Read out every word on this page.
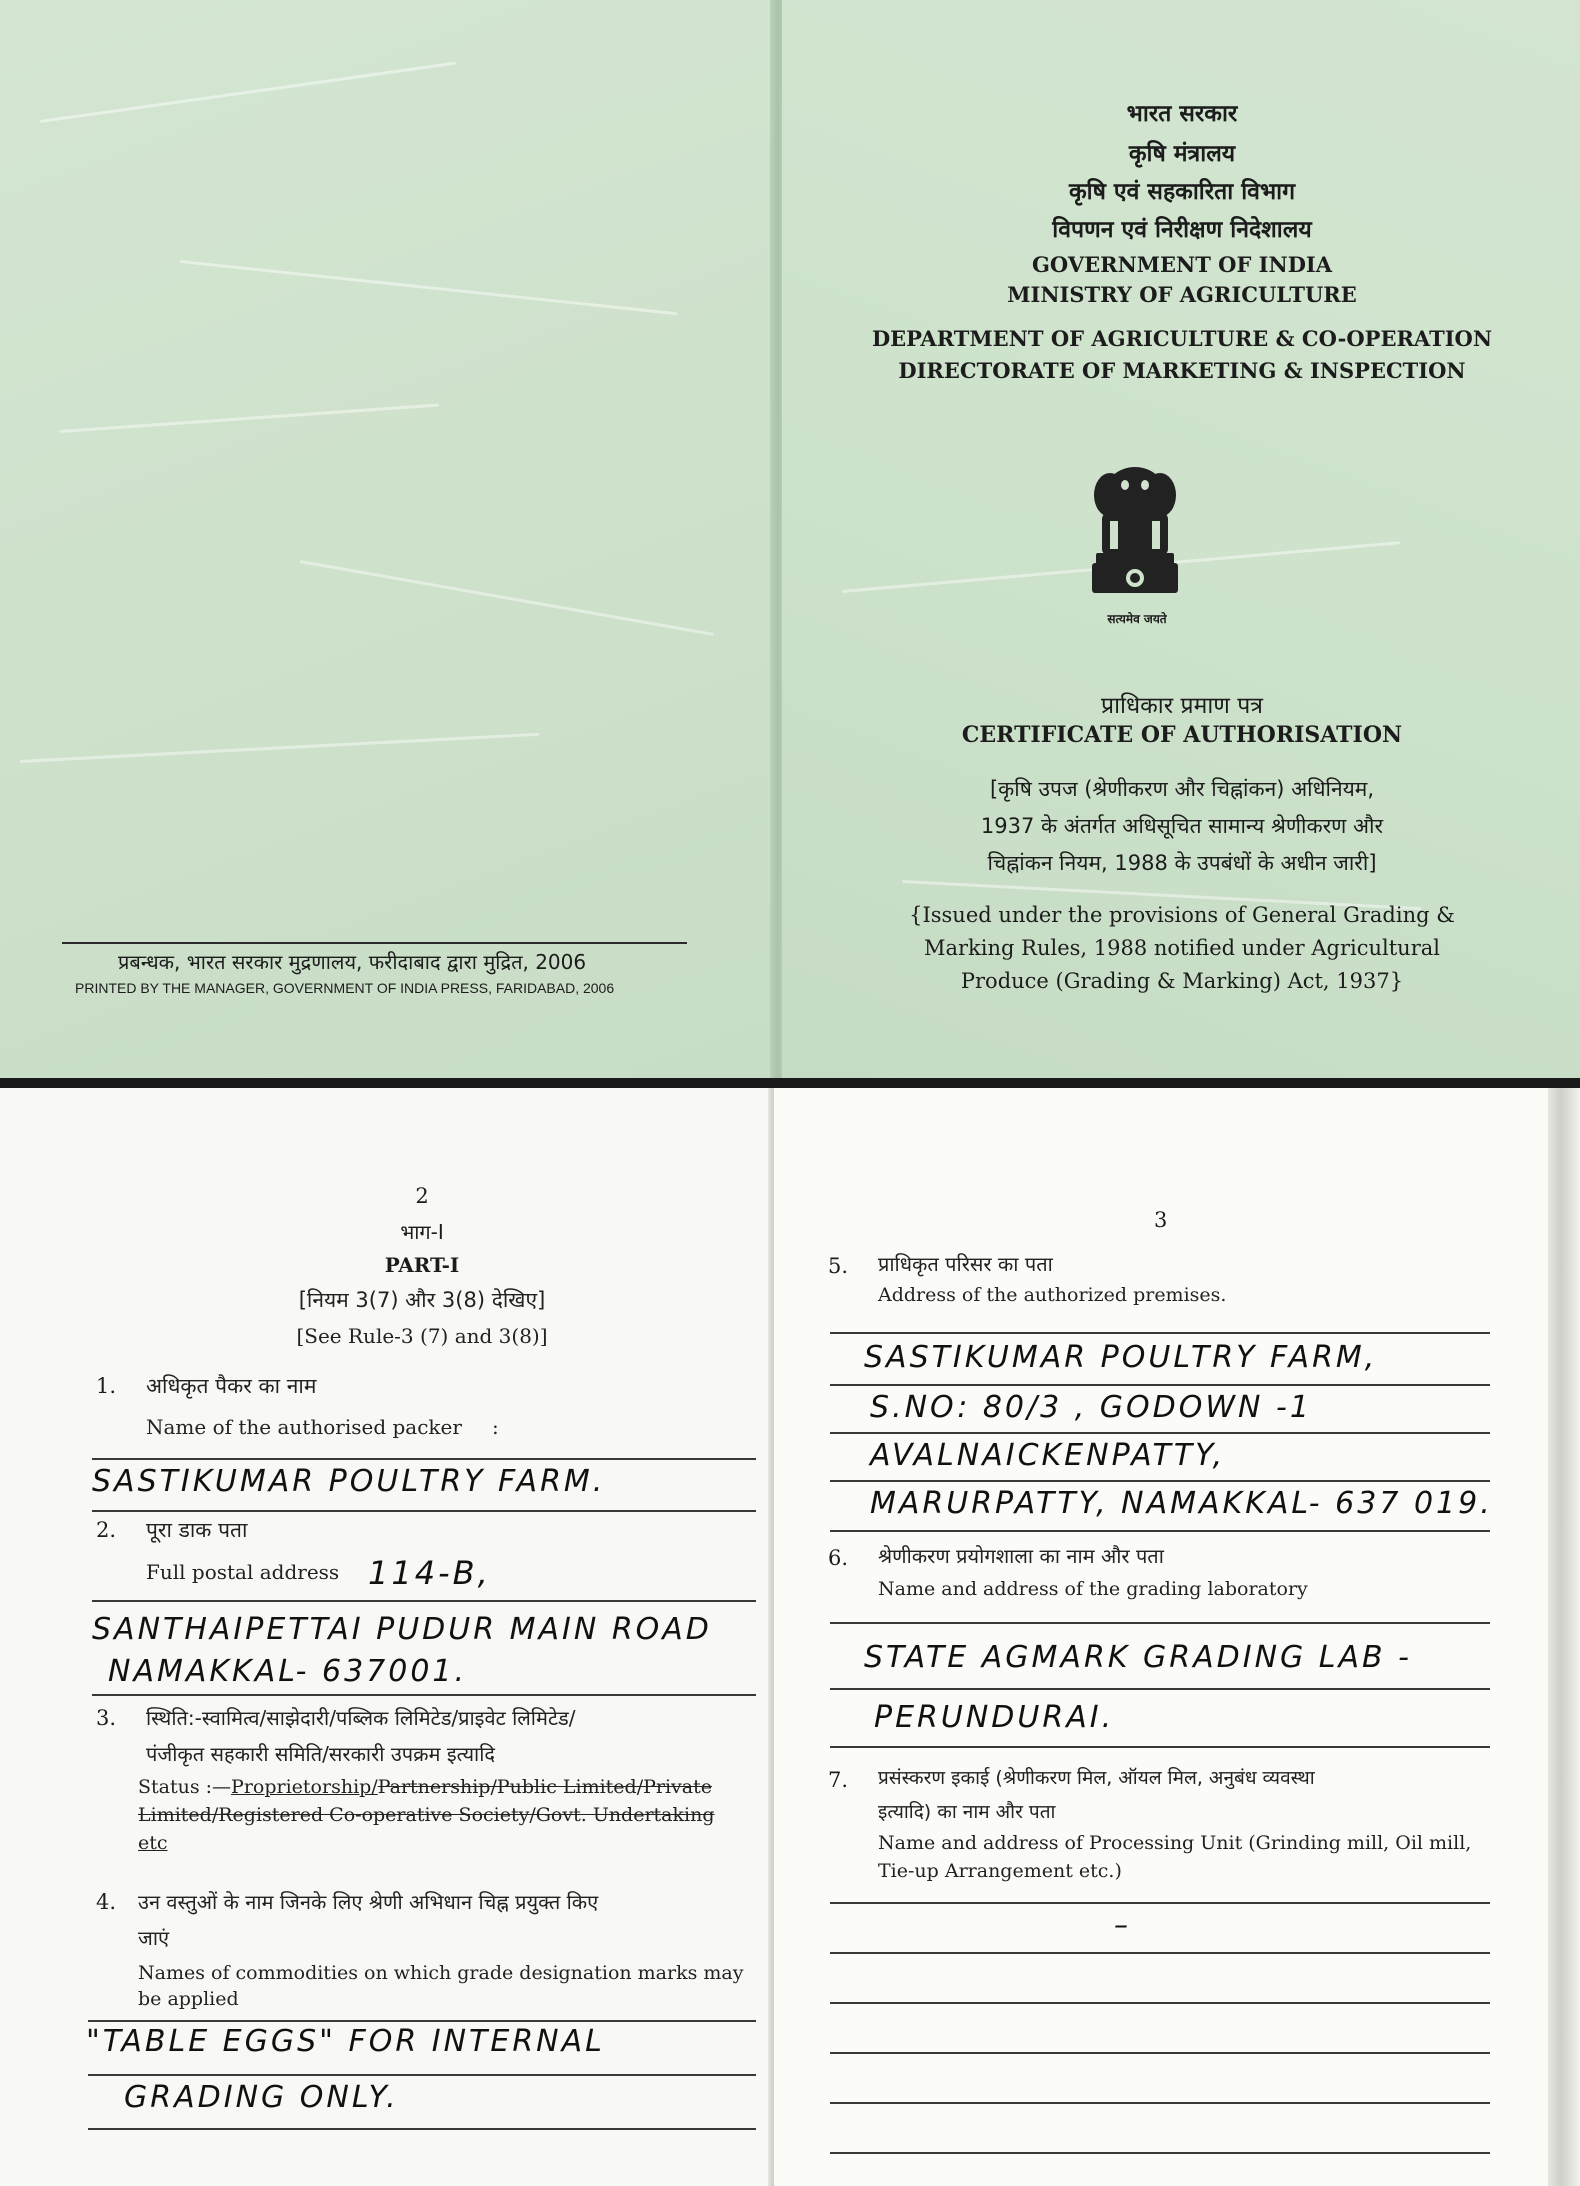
प्रबन्धक, भारत सरकार मुद्रणालय, फरीदाबाद द्वारा मुद्रित, 2006
PRINTED BY THE MANAGER, GOVERNMENT OF INDIA PRESS, FARIDABAD, 2006
भारत सरकार
कृषि मंत्रालय
कृषि एवं सहकारिता विभाग
विपणन एवं निरीक्षण निदेशालय
GOVERNMENT OF INDIA
MINISTRY OF AGRICULTURE
DEPARTMENT OF AGRICULTURE & CO-OPERATION
DIRECTORATE OF MARKETING & INSPECTION
सत्यमेव जयते
प्राधिकार प्रमाण पत्र
CERTIFICATE OF AUTHORISATION
[कृषि उपज (श्रेणीकरण और चिह्नांकन) अधिनियम,
1937 के अंतर्गत अधिसूचित सामान्य श्रेणीकरण और
चिह्नांकन नियम, 1988 के उपबंधों के अधीन जारी]
{Issued under the provisions of General Grading &
Marking Rules, 1988 notified under Agricultural
Produce (Grading & Marking) Act, 1937}
2
भाग-I
PART-I
[नियम 3(7) और 3(8) देखिए]
[See Rule-3 (7) and 3(8)]
1. अधिकृत पैकर का नाम
Name of the authorised packer :
SASTIKUMAR POULTRY FARM.
2. पूरा डाक पता
Full postal address 114-B,
SANTHAIPETTAI PUDUR MAIN ROAD
NAMAKKAL- 637001.
3. स्थिति:-स्वामित्व/साझेदारी/पब्लिक लिमिटेड/प्राइवेट लिमिटेड/
पंजीकृत सहकारी समिति/सरकारी उपक्रम इत्यादि
Status :—Proprietorship/Partnership/Public Limited/Private
Limited/Registered Co-operative Society/Govt. Undertaking
etc
4. उन वस्तुओं के नाम जिनके लिए श्रेणी अभिधान चिह्न प्रयुक्त किए
जाएं
Names of commodities on which grade designation marks may
be applied
"TABLE EGGS" FOR INTERNAL
GRADING ONLY.
3
5. प्राधिकृत परिसर का पता
Address of the authorized premises.
SASTIKUMAR POULTRY FARM,
S.NO: 80/3 , GODOWN -1
AVALNAICKENPATTY,
MARURPATTY, NAMAKKAL- 637 019.
6. श्रेणीकरण प्रयोगशाला का नाम और पता
Name and address of the grading laboratory
STATE AGMARK GRADING LAB -
PERUNDURAI.
7. प्रसंस्करण इकाई (श्रेणीकरण मिल, ऑयल मिल, अनुबंध व्यवस्था
इत्यादि) का नाम और पता
Name and address of Processing Unit (Grinding mill, Oil mill,
Tie-up Arrangement etc.)
–
